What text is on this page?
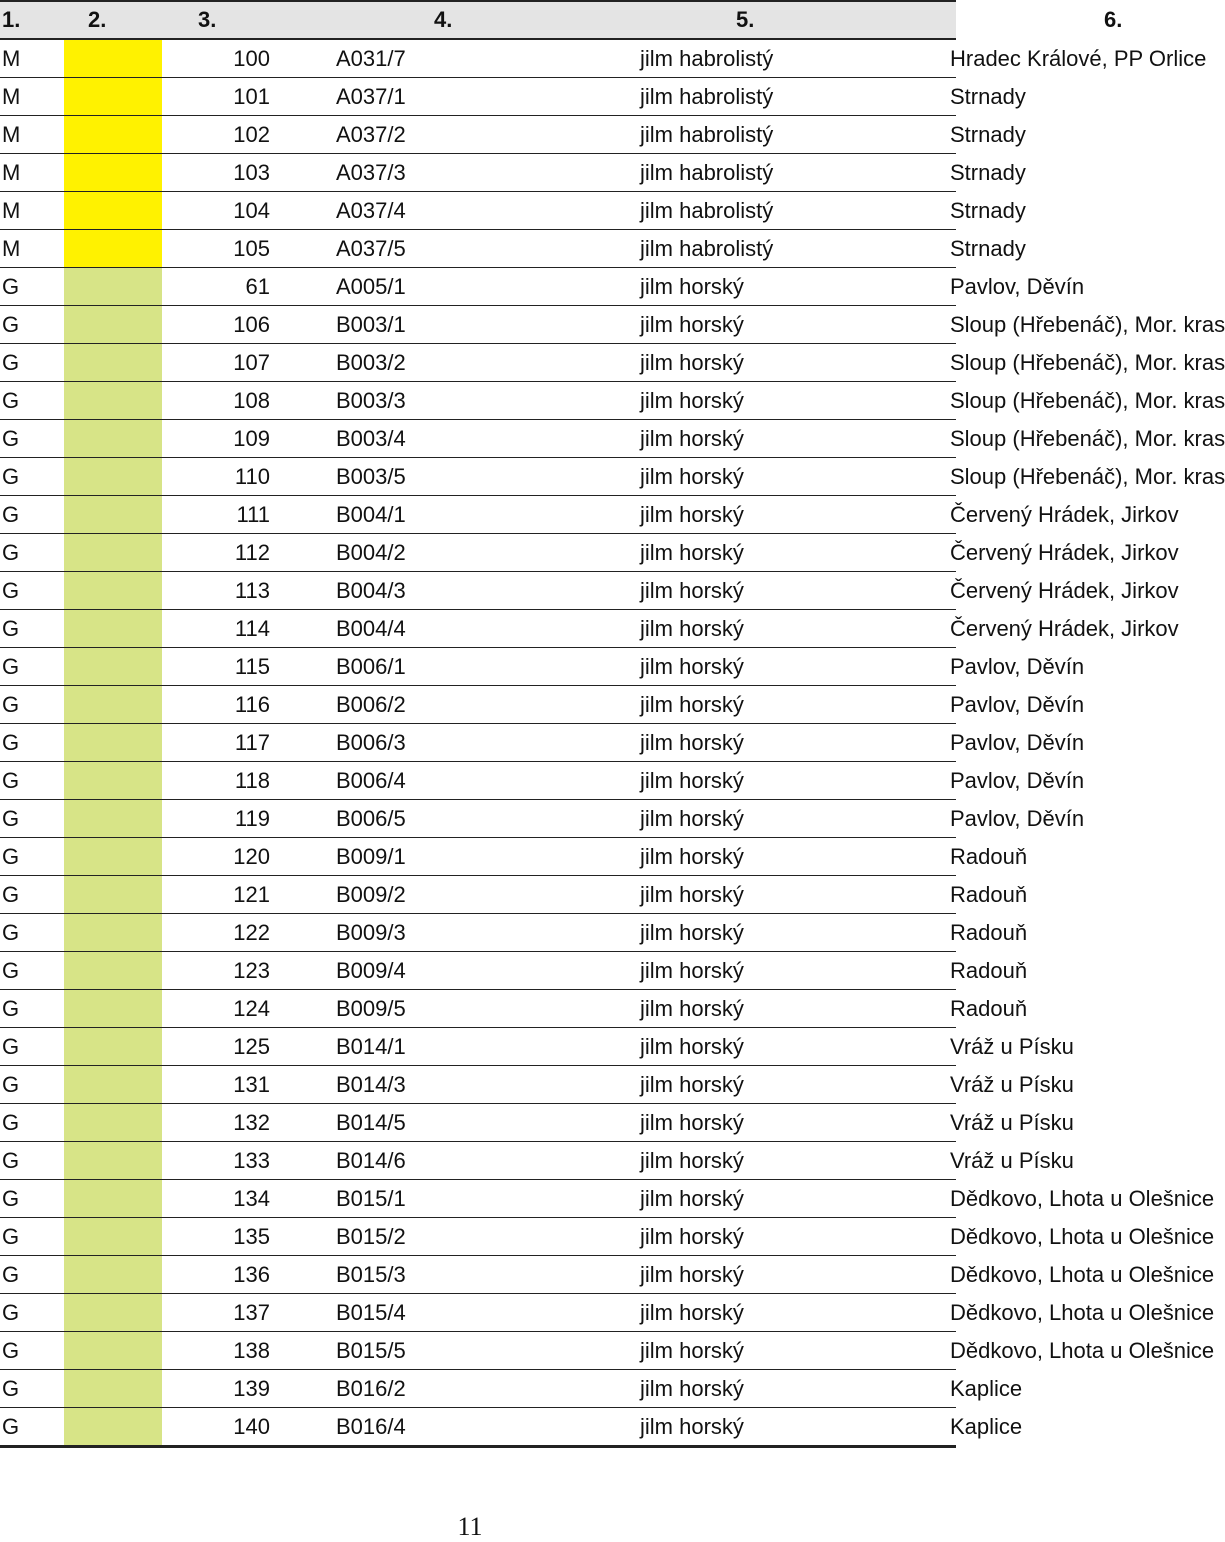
1.	2.	3.	4.	5.	6.
M		100	A031/7	jilm habrolistý	Hradec Králové, PP Orlice
M		101	A037/1	jilm habrolistý	Strnady
M		102	A037/2	jilm habrolistý	Strnady
M		103	A037/3	jilm habrolistý	Strnady
M		104	A037/4	jilm habrolistý	Strnady
M		105	A037/5	jilm habrolistý	Strnady
G		61	A005/1	jilm horský	Pavlov, Děvín
G		106	B003/1	jilm horský	Sloup (Hřebenáč), Mor. kras
G		107	B003/2	jilm horský	Sloup (Hřebenáč), Mor. kras
G		108	B003/3	jilm horský	Sloup (Hřebenáč), Mor. kras
G		109	B003/4	jilm horský	Sloup (Hřebenáč), Mor. kras
G		110	B003/5	jilm horský	Sloup (Hřebenáč), Mor. kras
G		111	B004/1	jilm horský	Červený Hrádek, Jirkov
G		112	B004/2	jilm horský	Červený Hrádek, Jirkov
G		113	B004/3	jilm horský	Červený Hrádek, Jirkov
G		114	B004/4	jilm horský	Červený Hrádek, Jirkov
G		115	B006/1	jilm horský	Pavlov, Děvín
G		116	B006/2	jilm horský	Pavlov, Děvín
G		117	B006/3	jilm horský	Pavlov, Děvín
G		118	B006/4	jilm horský	Pavlov, Děvín
G		119	B006/5	jilm horský	Pavlov, Děvín
G		120	B009/1	jilm horský	Radouň
G		121	B009/2	jilm horský	Radouň
G		122	B009/3	jilm horský	Radouň
G		123	B009/4	jilm horský	Radouň
G		124	B009/5	jilm horský	Radouň
G		125	B014/1	jilm horský	Vráž u Písku
G		131	B014/3	jilm horský	Vráž u Písku
G		132	B014/5	jilm horský	Vráž u Písku
G		133	B014/6	jilm horský	Vráž u Písku
G		134	B015/1	jilm horský	Dědkovo, Lhota u Olešnice
G		135	B015/2	jilm horský	Dědkovo, Lhota u Olešnice
G		136	B015/3	jilm horský	Dědkovo, Lhota u Olešnice
G		137	B015/4	jilm horský	Dědkovo, Lhota u Olešnice
G		138	B015/5	jilm horský	Dědkovo, Lhota u Olešnice
G		139	B016/2	jilm horský	Kaplice
G		140	B016/4	jilm horský	Kaplice
11
